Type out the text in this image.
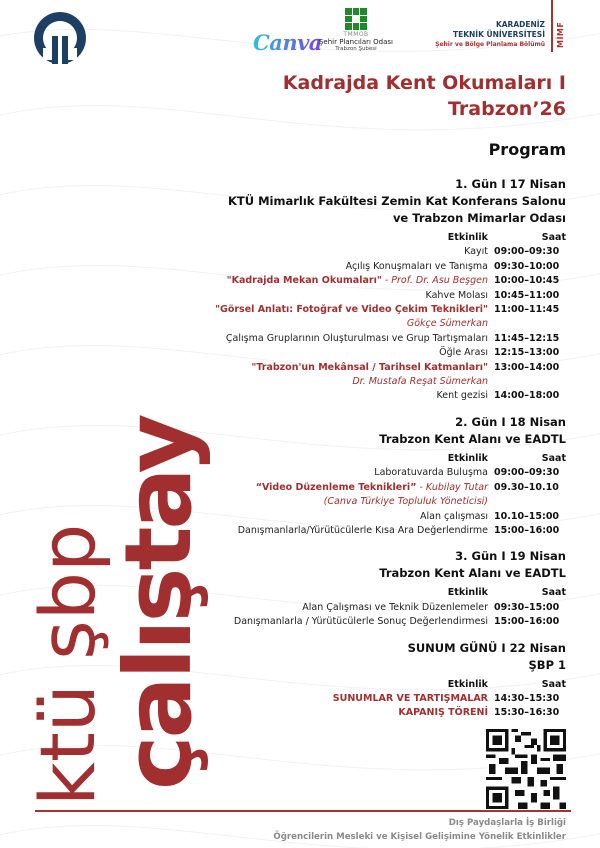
Canva	TMMOB
Şehir Plancıları Odası
Trabzon Şubesi
KARADENİZ
TEKNİK ÜNİVERSİTESİ
Şehir ve Bölge Planlama Bölümü MİMF
Kadrajda Kent Okumaları I
Trabzon’26
Program
1. Gün I 17 Nisan
KTÜ Mimarlık Fakültesi Zemin Kat Konferans Salonu
ve Trabzon Mimarlar Odası
Etkinlik	Saat
Kayıt 09:00–09:30
Açılış Konuşmaları ve Tanışma 09:30–10:00
"Kadrajda Mekan Okumaları" - Prof. Dr. Asu Beşgen 10:00–10:45
Kahve Molası 10:45–11:00
"Görsel Anlatı: Fotoğraf ve Video Çekim Teknikleri" 11:00–11:45
Gökçe Sümerkan
Çalışma Gruplarının Oluşturulması ve Grup Tartışmaları 11:45–12:15
Öğle Arası 12:15–13:00
"Trabzon'un Mekânsal / Tarihsel Katmanları" 13:00–14:00
Dr. Mustafa Reşat Sümerkan
Kent gezisi 14:00–18:00
2. Gün I 18 Nisan
Trabzon Kent Alanı ve EADTL
Etkinlik	Saat
Laboratuvarda Buluşma 09:00–09:30
“Video Düzenleme Teknikleri” - Kubilay Tutar 09.30–10.10
(Canva Türkiye Topluluk Yöneticisi)
Alan çalışması 10.10–15:00
Danışmanlarla/Yürütücülerle Kısa Ara Değerlendirme 15:00–16:00
3. Gün I 19 Nisan
Trabzon Kent Alanı ve EADTL
Etkinlik	Saat
Alan Çalışması ve Teknik Düzenlemeler 09:30–15:00
Danışmanlarla / Yürütücülerle Sonuç Değerlendirmesi 15:00–16:00
SUNUM GÜNÜ I 22 Nisan
ŞBP 1
Etkinlik	Saat
SUNUMLAR VE TARTIŞMALAR 14:30–15:30
KAPANIŞ TÖRENİ 15:30–16:30
ktü şbp
çalıştay
Dış Paydaşlarla İş Birliği
Öğrencilerin Mesleki ve Kişisel Gelişimine Yönelik Etkinlikler
